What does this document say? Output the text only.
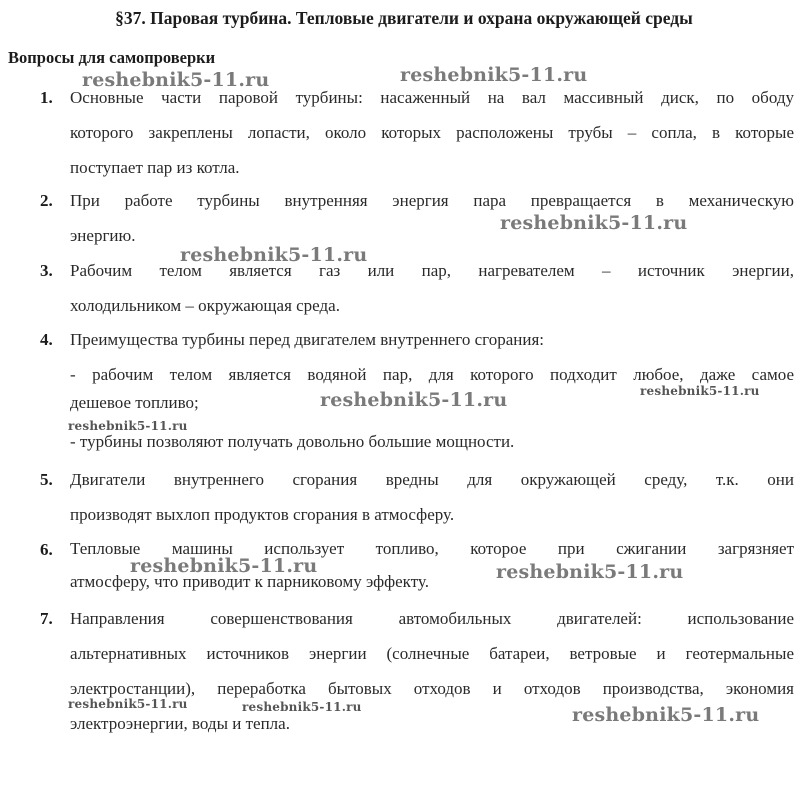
§37. Паровая турбина. Тепловые двигатели и охрана окружающей среды
Вопросы для самопроверки
1. Основные части паровой турбины: насаженный на вал массивный диск, по ободу
которого закреплены лопасти, около которых расположены трубы – сопла, в которые
поступает пар из котла.
2. При работе турбины внутренняя энергия пара превращается в механическую
энергию.
3. Рабочим телом является газ или пар, нагревателем – источник энергии,
холодильником – окружающая среда.
4. Преимущества турбины перед двигателем внутреннего сгорания:
- рабочим телом является водяной пар, для которого подходит любое, даже самое
дешевое топливо;
- турбины позволяют получать довольно большие мощности.
5. Двигатели внутреннего сгорания вредны для окружающей среду, т.к. они
производят выхлоп продуктов сгорания в атмосферу.
6. Тепловые машины использует топливо, которое при сжигании загрязняет
атмосферу, что приводит к парниковому эффекту.
7. Направления совершенствования автомобильных двигателей: использование
альтернативных источников энергии (солнечные батареи, ветровые и геотермальные
электростанции), переработка бытовых отходов и отходов производства, экономия
электроэнергии, воды и тепла.
reshebnik5-11.ru	reshebnik5-11.ru
reshebnik5-11.ru
reshebnik5-11.ru
reshebnik5-11.ru	reshebnik5-11.ru
reshebnik5-11.ru
reshebnik5-11.ru	reshebnik5-11.ru
reshebnik5-11.ru	reshebnik5-11.ru	reshebnik5-11.ru
